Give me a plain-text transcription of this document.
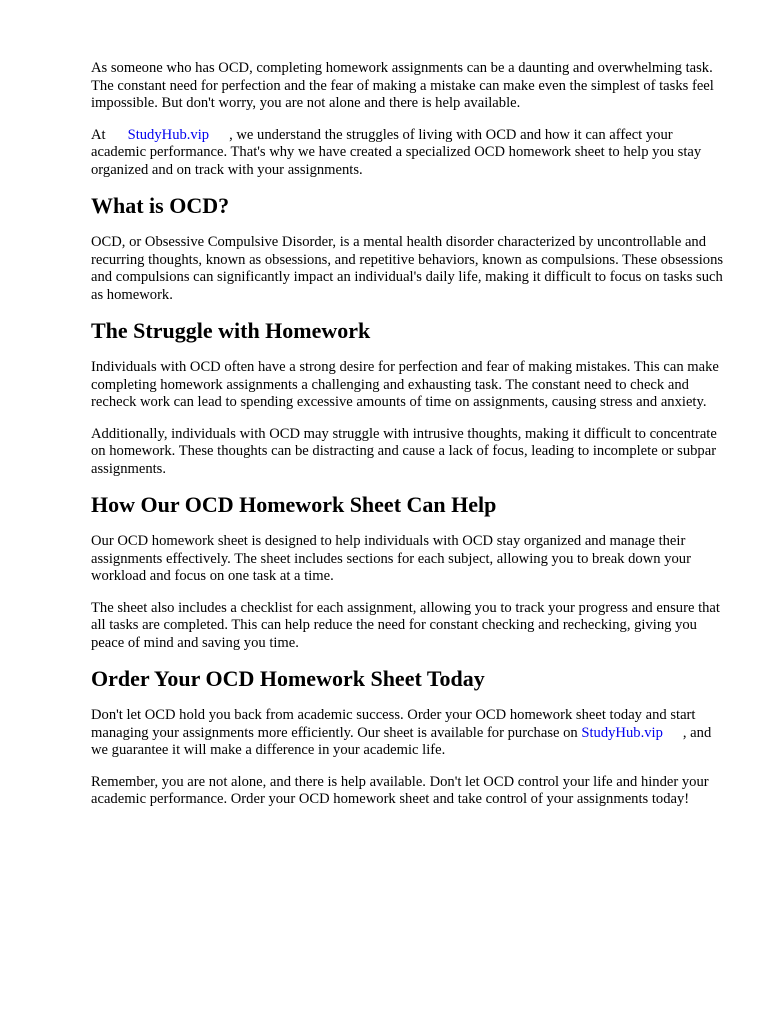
As someone who has OCD, completing homework assignments can be a daunting and overwhelming task. The constant need for perfection and the fear of making a mistake can make even the simplest of tasks feel impossible. But don't worry, you are not alone and there is help available.

At StudyHub.vip , we understand the struggles of living with OCD and how it can affect your academic performance. That's why we have created a specialized OCD homework sheet to help you stay organized and on track with your assignments.

What is OCD?

OCD, or Obsessive Compulsive Disorder, is a mental health disorder characterized by uncontrollable and recurring thoughts, known as obsessions, and repetitive behaviors, known as compulsions. These obsessions and compulsions can significantly impact an individual's daily life, making it difficult to focus on tasks such as homework.

The Struggle with Homework

Individuals with OCD often have a strong desire for perfection and fear of making mistakes. This can make completing homework assignments a challenging and exhausting task. The constant need to check and recheck work can lead to spending excessive amounts of time on assignments, causing stress and anxiety.

Additionally, individuals with OCD may struggle with intrusive thoughts, making it difficult to concentrate on homework. These thoughts can be distracting and cause a lack of focus, leading to incomplete or subpar assignments.

How Our OCD Homework Sheet Can Help

Our OCD homework sheet is designed to help individuals with OCD stay organized and manage their assignments effectively. The sheet includes sections for each subject, allowing you to break down your workload and focus on one task at a time.

The sheet also includes a checklist for each assignment, allowing you to track your progress and ensure that all tasks are completed. This can help reduce the need for constant checking and rechecking, giving you peace of mind and saving you time.

Order Your OCD Homework Sheet Today

Don't let OCD hold you back from academic success. Order your OCD homework sheet today and start managing your assignments more efficiently. Our sheet is available for purchase on StudyHub.vip , and we guarantee it will make a difference in your academic life.

Remember, you are not alone, and there is help available. Don't let OCD control your life and hinder your academic performance. Order your OCD homework sheet and take control of your assignments today!
